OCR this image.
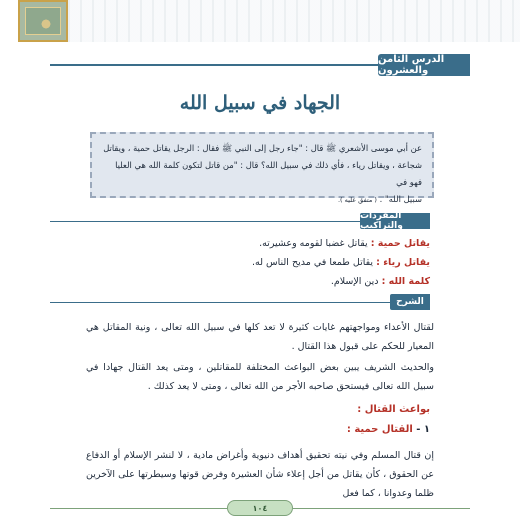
الدرس الثامن والعشرون
الجهاد في سبيل الله
عن أبي موسى الأشعري ﷺ قال : "جاء رجل إلى النبي ﷺ فقال : الرجل يقاتل حمية ، ويقاتل
شجاعة ، ويقاتل رياء ، فأي ذلك في سبيل الله؟ قال : "من قاتل لتكون كلمة الله هي العليا فهو في
سبيل الله" . ( متفق عليه ).
المفردات والتراكيب
يقاتل حمية : يقاتل غضبا لقومه وعشيرته.
يقاتل رياء : يقاتل طمعا في مديح الناس له.
كلمة الله : دين الإسلام.
الشرح
لقتال الأعداء ومواجهتهم غايات كثيرة لا تعد كلها في سبيل الله تعالى ، ونية المقاتل هي المعيار للحكم على قبول هذا القتال .
والحديث الشريف يبين بعض البواعث المختلفة للمقاتلين ، ومتى يعد القتال جهادا في سبيل الله تعالى فيستحق صاحبه الأجر من الله تعالى ، ومتى لا يعد كذلك .
بواعث القتال :
١ - القتال حمية :
إن قتال المسلم وفي نيته تحقيق أهداف دنيوية وأغراض مادية ، لا لنشر الإسلام أو الدفاع عن الحقوق ، كأن يقاتل من أجل إعلاء شأن العشيرة وفرض قوتها وسيطرتها على الآخرين ظلما وعدوانا ، كما فعل
١٠٤
